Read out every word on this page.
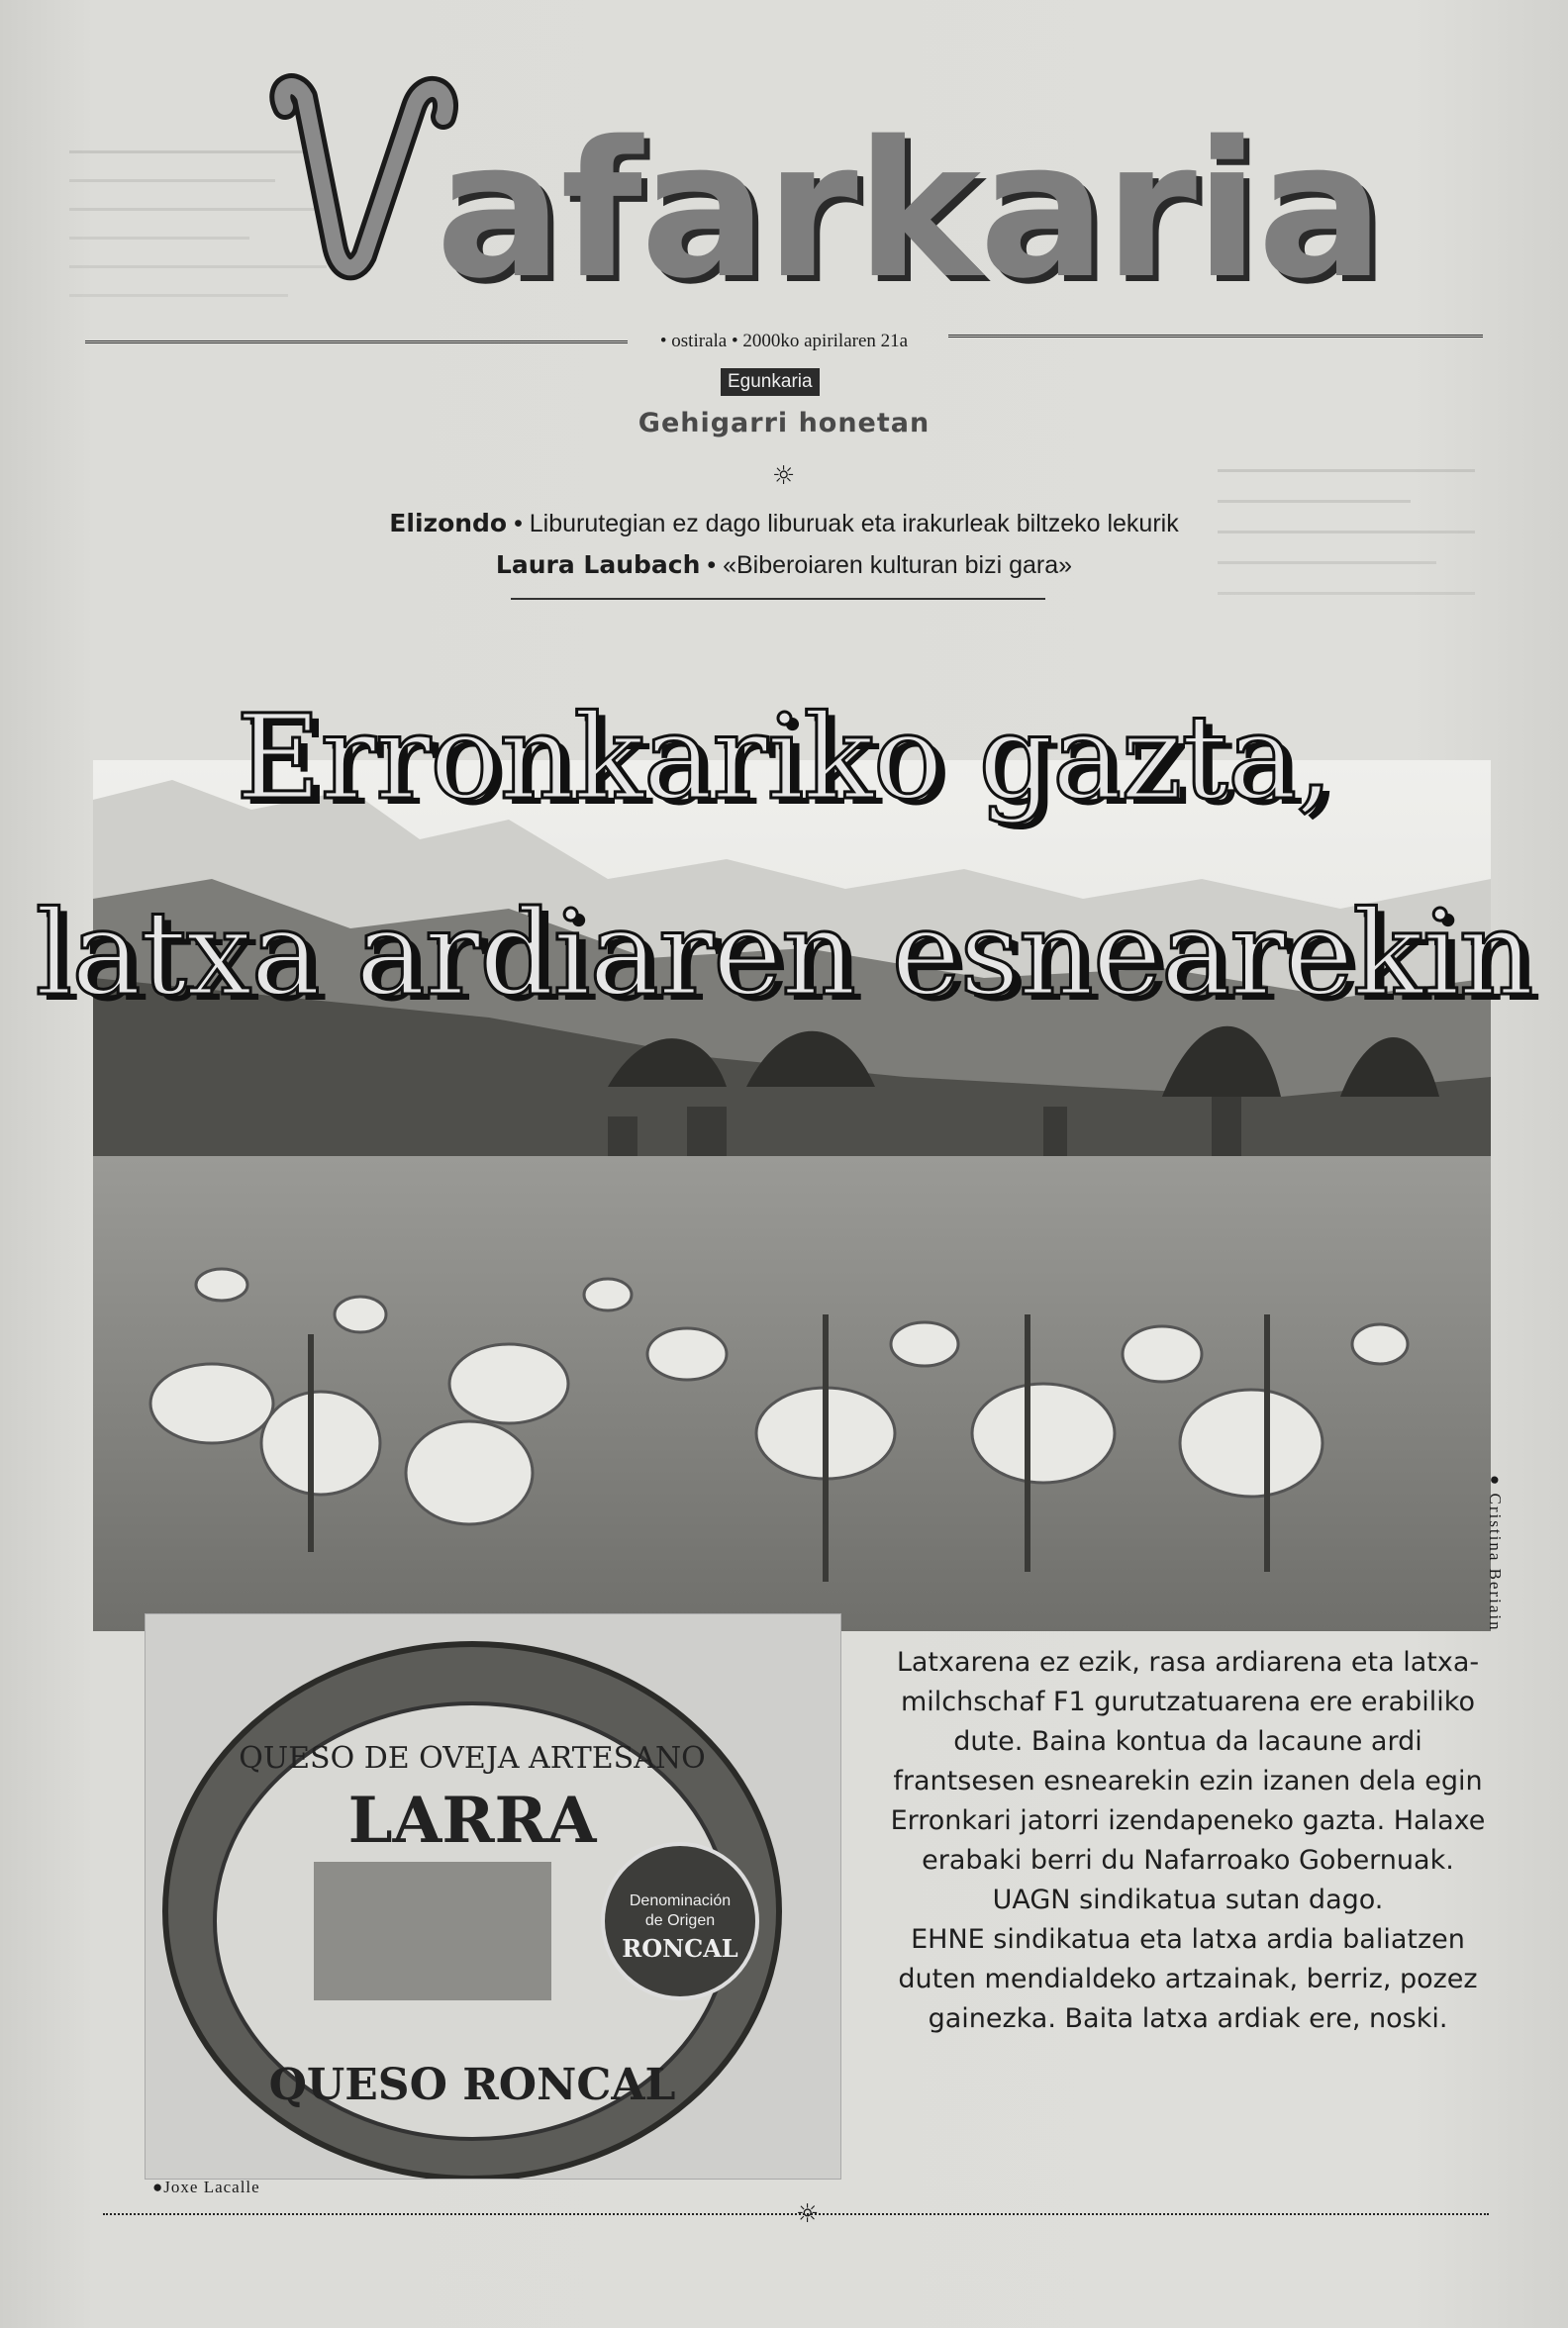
afarkaria
• ostirala • 2000ko apirilaren 21a
Egunkaria
Gehigarri honetan
☼
Elizondo • Liburutegian ez dago liburuak eta irakurleak biltzeko lekurik
Laura Laubach • «Biberoiaren kulturan bizi gara»
Erronkariko gazta,
latxa ardiaren esnearekin
● Cristina Beriain
QUESO DE OVEJA ARTESANO
LARRA
Denominación
de Origen
RONCAL
QUESO RONCAL
●Joxe Lacalle

Latxarena ez ezik, rasa ardiarena eta latxa-milchschaf F1 gurutzatuarena ere erabiliko dute. Baina kontua da lacaune ardi frantsesen esnearekin ezin izanen dela egin Erronkari jatorri izendapeneko gazta. Halaxe erabaki berri du Nafarroako Gobernuak. UAGN sindikatua sutan dago.

EHNE sindikatua eta latxa ardia baliatzen duten mendialdeko artzainak, berriz, pozez gainezka. Baita latxa ardiak ere, noski.

☼
